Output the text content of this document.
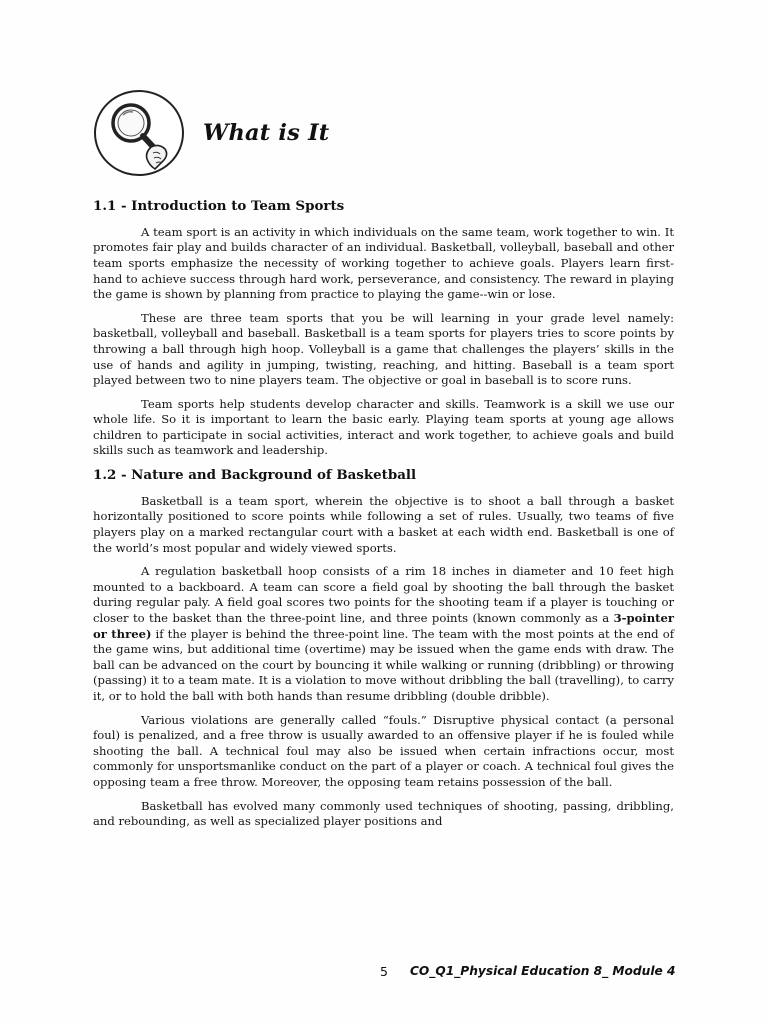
What is It
1.1 - Introduction to Team Sports

A team sport is an activity in which individuals on the same team, work together to win. It promotes fair play and builds character of an individual. Basketball, volleyball, baseball and other team sports emphasize the necessity of working together to achieve goals. Players learn first-hand to achieve success through hard work, perseverance, and consistency. The reward in playing the game is shown by planning from practice to playing the game--win or lose.

These are three team sports that you be will learning in your grade level namely: basketball, volleyball and baseball. Basketball is a team sports for players tries to score points by throwing a ball through high hoop. Volleyball is a game that challenges the players’ skills in the use of hands and agility in jumping, twisting, reaching, and hitting. Baseball is a team sport played between two to nine players team. The objective or goal in baseball is to score runs.

Team sports help students develop character and skills. Teamwork is a skill we use our whole life. So it is important to learn the basic early. Playing team sports at young age allows children to participate in social activities, interact and work together, to achieve goals and build skills such as teamwork and leadership.

1.2 - Nature and Background of Basketball

Basketball is a team sport, wherein the objective is to shoot a ball through a basket horizontally positioned to score points while following a set of rules. Usually, two teams of five players play on a marked rectangular court with a basket at each width end. Basketball is one of the world’s most popular and widely viewed sports.

A regulation basketball hoop consists of a rim 18 inches in diameter and 10 feet high mounted to a backboard. A team can score a field goal by shooting the ball through the basket during regular paly. A field goal scores two points for the shooting team if a player is touching or closer to the basket than the three-point line, and three points (known commonly as a 3-pointer or three) if the player is behind the three-point line. The team with the most points at the end of the game wins, but additional time (overtime) may be issued when the game ends with draw. The ball can be advanced on the court by bouncing it while walking or running (dribbling) or throwing (passing) it to a team mate. It is a violation to move without dribbling the ball (travelling), to carry it, or to hold the ball with both hands than resume dribbling (double dribble).

Various violations are generally called “fouls.” Disruptive physical contact (a personal foul) is penalized, and a free throw is usually awarded to an offensive player if he is fouled while shooting the ball. A technical foul may also be issued when certain infractions occur, most commonly for unsportsmanlike conduct on the part of a player or coach. A technical foul gives the opposing team a free throw. Moreover, the opposing team retains possession of the ball.

Basketball has evolved many commonly used techniques of shooting, passing, dribbling, and rebounding, as well as specialized player positions and

5 CO_Q1_Physical Education 8_ Module 4
